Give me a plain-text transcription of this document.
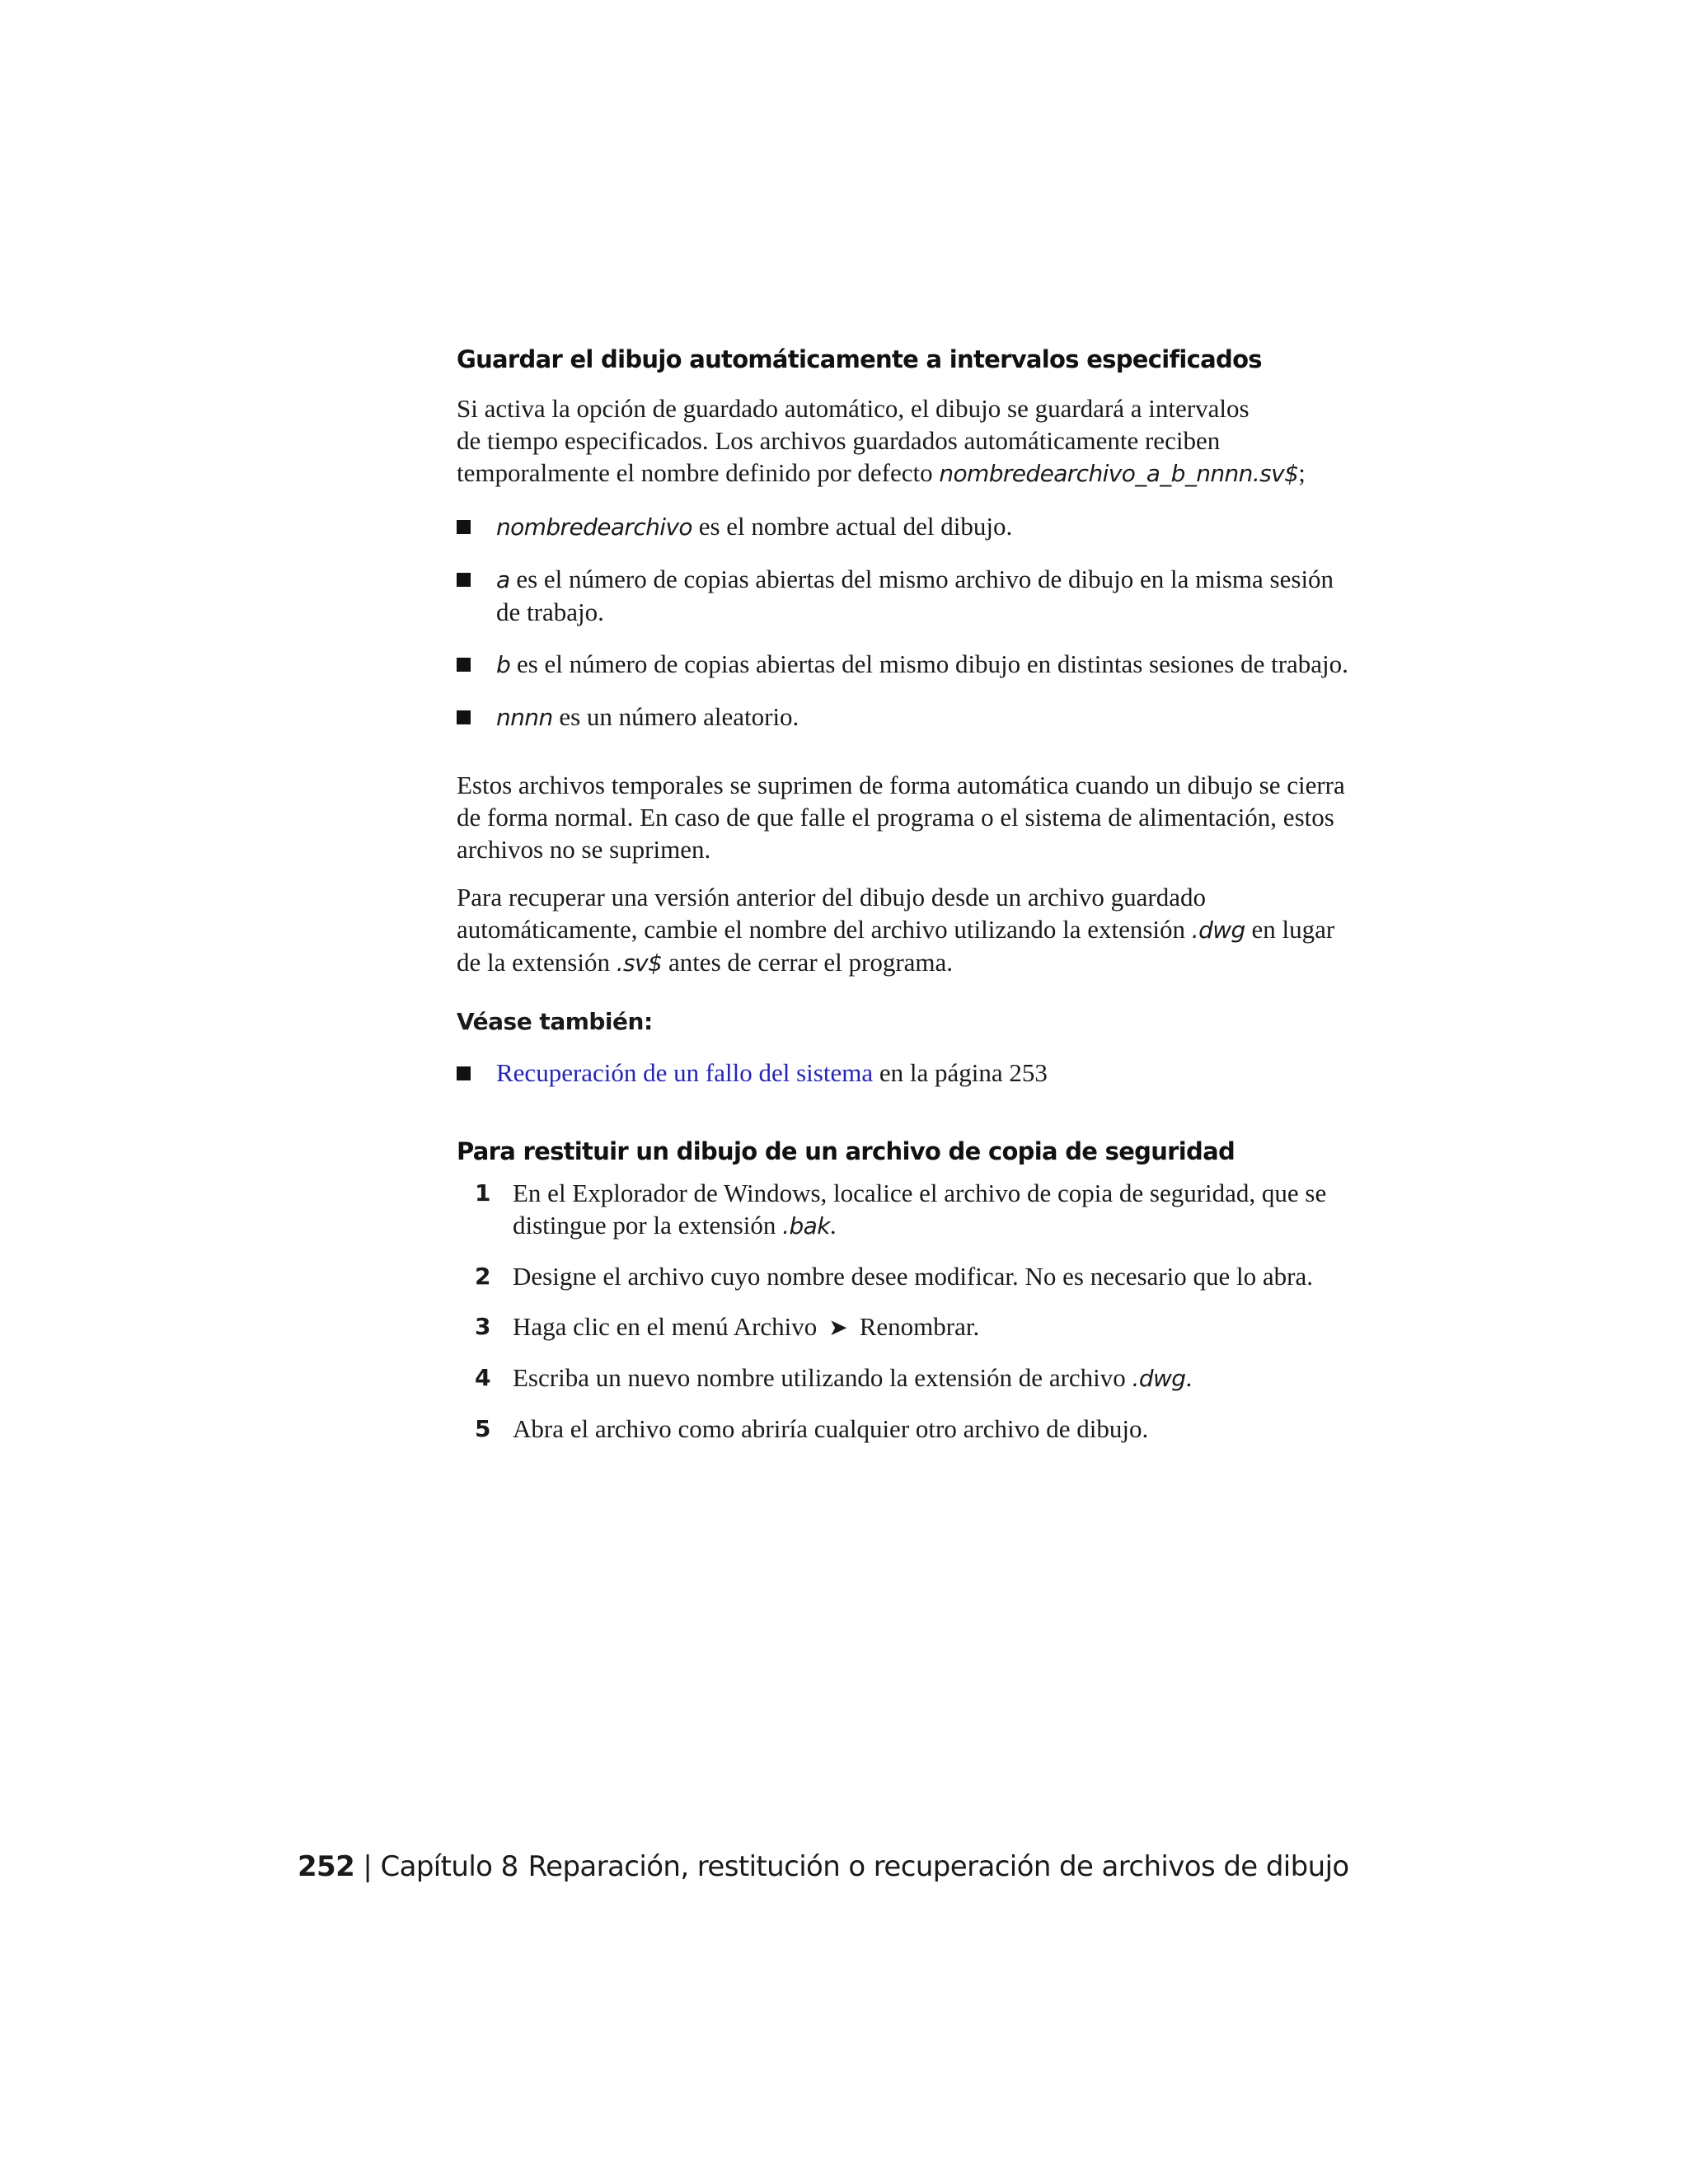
Guardar el dibujo automáticamente a intervalos especificados

Si activa la opción de guardado automático, el dibujo se guardará a intervalos
de tiempo especificados. Los archivos guardados automáticamente reciben
temporalmente el nombre definido por defecto nombredearchivo_a_b_nnnn.sv$;

nombredearchivo es el nombre actual del dibujo.
a es el número de copias abiertas del mismo archivo de dibujo en la misma sesión de trabajo.
b es el número de copias abiertas del mismo dibujo en distintas sesiones de trabajo.
nnnn es un número aleatorio.

Estos archivos temporales se suprimen de forma automática cuando un dibujo se cierra de forma normal. En caso de que falle el programa o el sistema de alimentación, estos archivos no se suprimen.

Para recuperar una versión anterior del dibujo desde un archivo guardado automáticamente, cambie el nombre del archivo utilizando la extensión .dwg en lugar de la extensión .sv$ antes de cerrar el programa.

Véase también:

Recuperación de un fallo del sistema en la página 253
Para restituir un dibujo de un archivo de copia de seguridad
1 En el Explorador de Windows, localice el archivo de copia de seguridad, que se distingue por la extensión .bak.
2 Designe el archivo cuyo nombre desee modificar. No es necesario que lo abra.
3 Haga clic en el menú Archivo ➤ Renombrar.
4 Escriba un nuevo nombre utilizando la extensión de archivo .dwg.
5 Abra el archivo como abriría cualquier otro archivo de dibujo.
252 | Capítulo 8 Reparación, restitución o recuperación de archivos de dibujo
